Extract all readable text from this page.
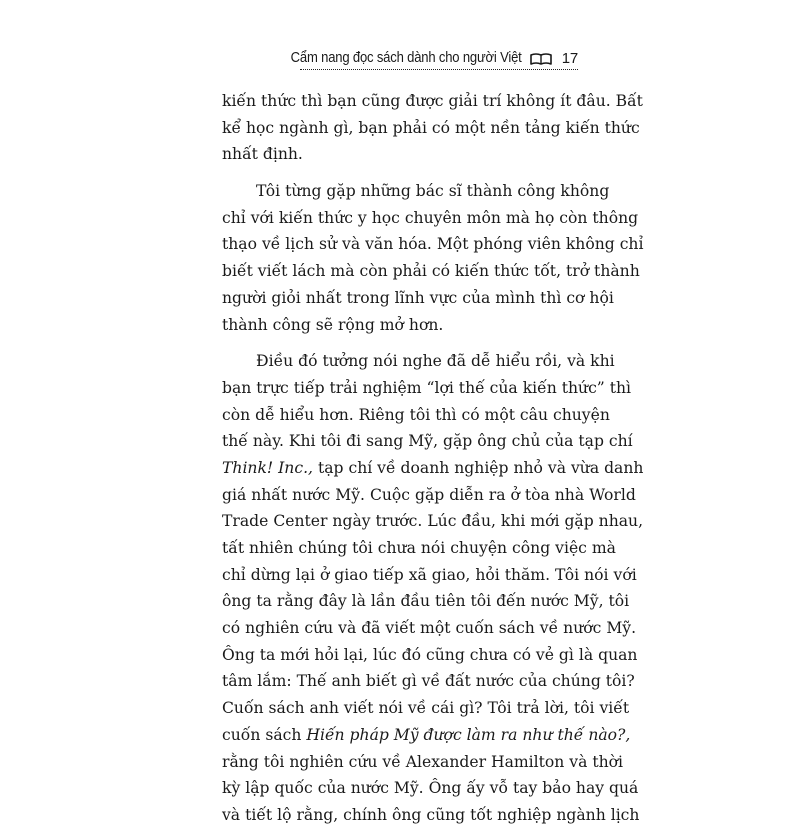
Cẩm nang đọc sách dành cho người Việt	17
kiến thức thì bạn cũng được giải trí không ít đâu. Bất
kể học ngành gì, bạn phải có một nền tảng kiến thức
nhất định.
Tôi từng gặp những bác sĩ thành công không
chỉ với kiến thức y học chuyên môn mà họ còn thông
thạo về lịch sử và văn hóa. Một phóng viên không chỉ
biết viết lách mà còn phải có kiến thức tốt, trở thành
người giỏi nhất trong lĩnh vực của mình thì cơ hội
thành công sẽ rộng mở hơn.
Điều đó tưởng nói nghe đã dễ hiểu rồi, và khi
bạn trực tiếp trải nghiệm “lợi thế của kiến thức” thì
còn dễ hiểu hơn. Riêng tôi thì có một câu chuyện
thế này. Khi tôi đi sang Mỹ, gặp ông chủ của tạp chí
Think! Inc., tạp chí về doanh nghiệp nhỏ và vừa danh
giá nhất nước Mỹ. Cuộc gặp diễn ra ở tòa nhà World
Trade Center ngày trước. Lúc đầu, khi mới gặp nhau,
tất nhiên chúng tôi chưa nói chuyện công việc mà
chỉ dừng lại ở giao tiếp xã giao, hỏi thăm. Tôi nói với
ông ta rằng đây là lần đầu tiên tôi đến nước Mỹ, tôi
có nghiên cứu và đã viết một cuốn sách về nước Mỹ.
Ông ta mới hỏi lại, lúc đó cũng chưa có vẻ gì là quan
tâm lắm: Thế anh biết gì về đất nước của chúng tôi?
Cuốn sách anh viết nói về cái gì? Tôi trả lời, tôi viết
cuốn sách Hiến pháp Mỹ được làm ra như thế nào?,
rằng tôi nghiên cứu về Alexander Hamilton và thời
kỳ lập quốc của nước Mỹ. Ông ấy vỗ tay bảo hay quá
và tiết lộ rằng, chính ông cũng tốt nghiệp ngành lịch
